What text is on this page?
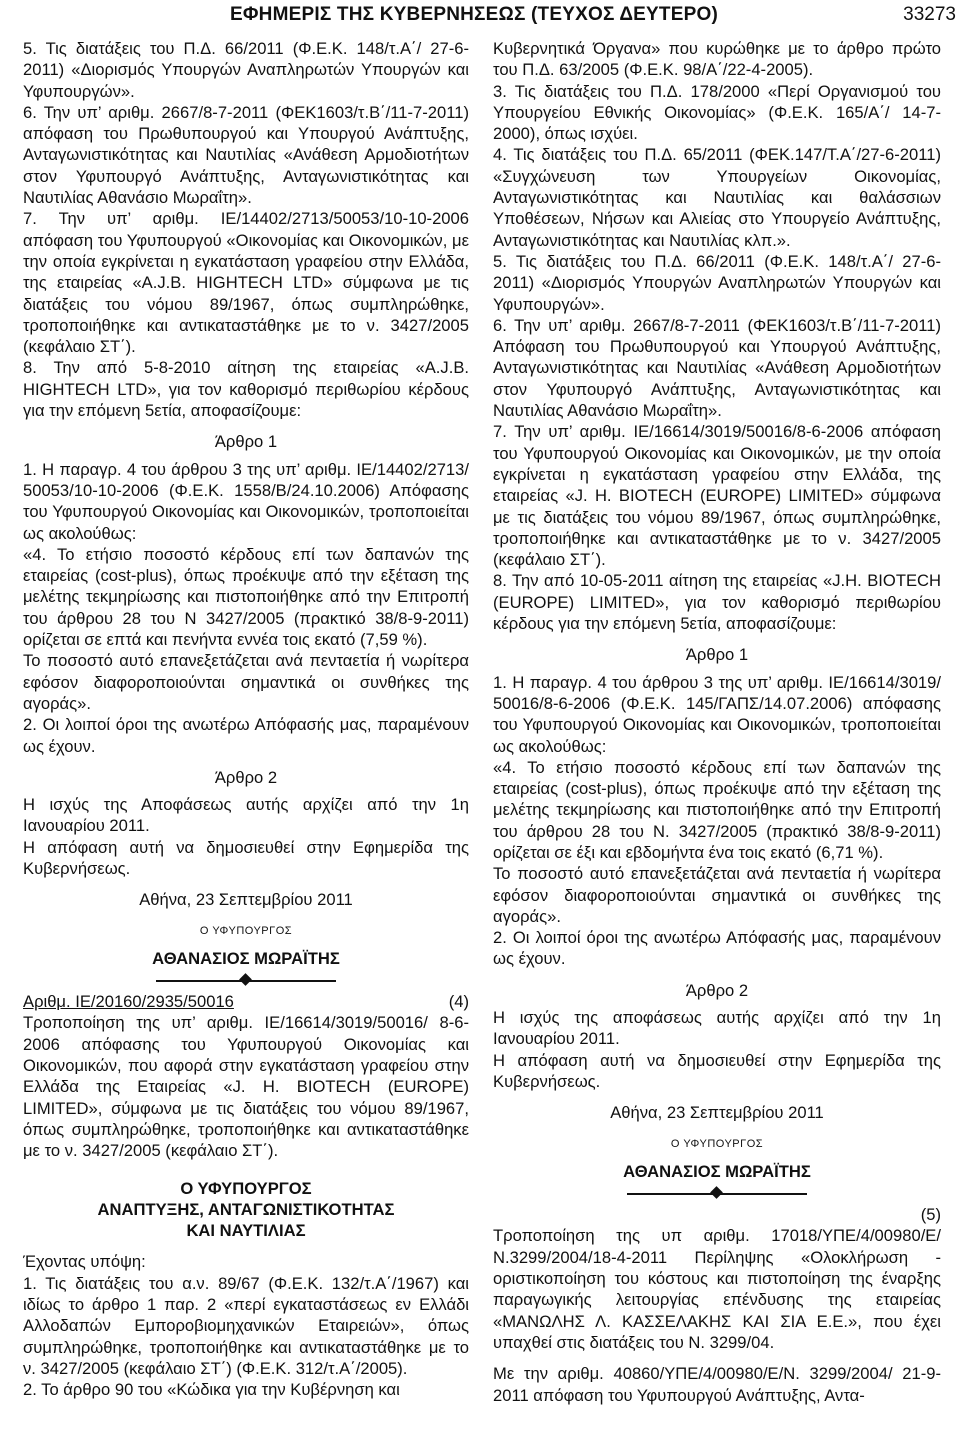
ΕΦΗΜΕΡΙΣ ΤΗΣ ΚΥΒΕΡΝΗΣΕΩΣ (ΤΕΥΧΟΣ ΔΕΥΤΕΡΟ)	33273

5. Τις διατάξεις του Π.Δ. 66/2011 (Φ.Ε.Κ. 148/τ.Α΄/ 27-6-2011) «Διορισμός Υπουργών Αναπληρωτών Υπουργών και Υφυπουργών».

6. Την υπ’ αριθμ. 2667/8-7-2011 (ΦΕΚ1603/τ.Β΄/11-7-2011) απόφαση του Πρωθυπουργού και Υπουργού Ανάπτυξης, Ανταγωνιστικότητας και Ναυτιλίας «Ανάθεση Αρμοδιοτήτων στον Υφυπουργό Ανάπτυξης, Ανταγωνιστικότητας και Ναυτιλίας Αθανάσιο Μωραΐτη».

7. Την υπ’ αριθμ. ΙΕ/14402/2713/50053/10-10-2006 απόφαση του Υφυπουργού «Οικονομίας και Οικονομικών, με την οποία εγκρίνεται η εγκατάσταση γραφείου στην Ελλάδα, της εταιρείας «A.J.B. HIGHTECH LTD» σύμφωνα με τις διατάξεις του νόμου 89/1967, όπως συμπληρώθηκε, τροποποιήθηκε και αντικαταστάθηκε με το ν. 3427/2005 (κεφάλαιο ΣΤ΄).

8. Την από 5-8-2010 αίτηση της εταιρείας «A.J.B. HIGHTECH LTD», για τον καθορισμό περιθωρίου κέρδους για την επόμενη 5ετία, αποφασίζουμε:

Άρθρο 1

1. Η παραγρ. 4 του άρθρου 3 της υπ’ αριθμ. ΙΕ/14402/2713/ 50053/10-10-2006 (Φ.Ε.Κ. 1558/Β/24.10.2006) Απόφασης του Υφυπουργού Οικονομίας και Οικονομικών, τροποποιείται ως ακολούθως:

«4. Το ετήσιο ποσοστό κέρδους επί των δαπανών της εταιρείας (cost-plus), όπως προέκυψε από την εξέταση της μελέτης τεκμηρίωσης και πιστοποιήθηκε από την Επιτροπή του άρθρου 28 του Ν 3427/2005 (πρακτικό 38/8-9-2011) ορίζεται σε επτά και πενήντα εννέα τοις εκατό (7,59 %).

Το ποσοστό αυτό επανεξετάζεται ανά πενταετία ή νωρίτερα εφόσον διαφοροποιούνται σημαντικά οι συνθήκες της αγοράς».

2. Οι λοιποί όροι της ανωτέρω Απόφασής μας, παραμένουν ως έχουν.

Άρθρο 2

Η ισχύς της Αποφάσεως αυτής αρχίζει από την 1η Ιανουαρίου 2011.

Η απόφαση αυτή να δημοσιευθεί στην Εφημερίδα της Κυβερνήσεως.

Αθήνα, 23 Σεπτεμβρίου 2011

Ο ΥΦΥΠΟΥΡΓΟΣ

ΑΘΑΝΑΣΙΟΣ ΜΩΡΑΪΤΗΣ

Αριθμ. ΙΕ/20160/2935/50016	(4)

Τροποποίηση της υπ’ αριθμ. ΙΕ/16614/3019/50016/ 8-6-2006 απόφασης του Υφυπουργού Οικονομίας και Οικονομικών, που αφορά στην εγκατάσταση γραφείου στην Ελλάδα της Εταιρείας «J. H. BIOTECH (EUROPE) LIMITED», σύμφωνα με τις διατάξεις του νόμου 89/1967, όπως συμπληρώθηκε, τροποποιήθηκε και αντικαταστάθηκε με το ν. 3427/2005 (κεφάλαιο ΣΤ΄).

Ο ΥΦΥΠΟΥΡΓΟΣ

ΑΝΑΠΤΥΞΗΣ, ΑΝΤΑΓΩΝΙΣΤΙΚΟΤΗΤΑΣ

ΚΑΙ ΝΑΥΤΙΛΙΑΣ

Έχοντας υπόψη:

1. Τις διατάξεις του α.ν. 89/67 (Φ.Ε.Κ. 132/τ.Α΄/1967) και ιδίως το άρθρο 1 παρ. 2 «περί εγκαταστάσεως εν Ελλάδι Αλλοδαπών Εμποροβιομηχανικών Εταιρειών», όπως συμπληρώθηκε, τροποποιήθηκε και αντικαταστάθηκε με το ν. 3427/2005 (κεφάλαιο ΣΤ΄) (Φ.Ε.Κ. 312/τ.Α΄/2005).

2. Το άρθρο 90 του «Κώδικα για την Κυβέρνηση και

Κυβερνητικά Όργανα» που κυρώθηκε με το άρθρο πρώτο του Π.Δ. 63/2005 (Φ.Ε.Κ. 98/Α΄/22-4-2005).

3. Τις διατάξεις του Π.Δ. 178/2000 «Περί Οργανισμού του Υπουργείου Εθνικής Οικονομίας» (Φ.Ε.Κ. 165/Α΄/ 14-7-2000), όπως ισχύει.

4. Τις διατάξεις του Π.Δ. 65/2011 (ΦΕΚ.147/Τ.Α΄/27-6-2011) «Συγχώνευση των Υπουργείων Οικονομίας, Ανταγωνιστικότητας και Ναυτιλίας και θαλάσσιων Υποθέσεων, Νήσων και Αλιείας στο Υπουργείο Ανάπτυξης, Ανταγωνιστικότητας και Ναυτιλίας κλπ.».

5. Τις διατάξεις του Π.Δ. 66/2011 (Φ.Ε.Κ. 148/τ.Α΄/ 27-6-2011) «Διορισμός Υπουργών Αναπληρωτών Υπουργών και Υφυπουργών».

6. Την υπ’ αριθμ. 2667/8-7-2011 (ΦΕΚ1603/τ.Β΄/11-7-2011) Απόφαση του Πρωθυπουργού και Υπουργού Ανάπτυξης, Ανταγωνιστικότητας και Ναυτιλίας «Ανάθεση Αρμοδιοτήτων στον Υφυπουργό Ανάπτυξης, Ανταγωνιστικότητας και Ναυτιλίας Αθανάσιο Μωραΐτη».

7. Την υπ’ αριθμ. ΙΕ/16614/3019/50016/8-6-2006 απόφαση του Υφυπουργού Οικονομίας και Οικονομικών, με την οποία εγκρίνεται η εγκατάσταση γραφείου στην Ελλάδα, της εταιρείας «J. H. BIOTECH (EUROPE) LIMITED» σύμφωνα με τις διατάξεις του νόμου 89/1967, όπως συμπληρώθηκε, τροποποιήθηκε και αντικαταστάθηκε με το ν. 3427/2005 (κεφάλαιο ΣΤ΄).

8. Την από 10-05-2011 αίτηση της εταιρείας «J.H. BIOTECH (EUROPE) LIMITED», για τον καθορισμό περιθωρίου κέρδους για την επόμενη 5ετία, αποφασίζουμε:

Άρθρο 1

1. Η παραγρ. 4 του άρθρου 3 της υπ’ αριθμ. ΙΕ/16614/3019/ 50016/8-6-2006 (Φ.Ε.Κ. 145/ΓΑΠΣ/14.07.2006) απόφασης του Υφυπουργού Οικονομίας και Οικονομικών, τροποποιείται ως ακολούθως:

«4. Το ετήσιο ποσοστό κέρδους επί των δαπανών της εταιρείας (cost-plus), όπως προέκυψε από την εξέταση της μελέτης τεκμηρίωσης και πιστοποιήθηκε από την Επιτροπή του άρθρου 28 του Ν. 3427/2005 (πρακτικό 38/8-9-2011) ορίζεται σε έξι και εβδομήντα ένα τοις εκατό (6,71 %).

Το ποσοστό αυτό επανεξετάζεται ανά πενταετία ή νωρίτερα εφόσον διαφοροποιούνται σημαντικά οι συνθήκες της αγοράς».

2. Οι λοιποί όροι της ανωτέρω Απόφασής μας, παραμένουν ως έχουν.

Άρθρο 2

Η ισχύς της αποφάσεως αυτής αρχίζει από την 1η Ιανουαρίου 2011.

Η απόφαση αυτή να δημοσιευθεί στην Εφημερίδα της Κυβερνήσεως.

Αθήνα, 23 Σεπτεμβρίου 2011

Ο ΥΦΥΠΟΥΡΓΟΣ

ΑΘΑΝΑΣΙΟΣ ΜΩΡΑΪΤΗΣ

(5)

Τροποποίηση της υπ αριθμ. 17018/ΥΠΕ/4/00980/Ε/ Ν.3299/2004/18-4-2011 Περίληψης «Ολοκλήρωση - οριστικοποίηση του κόστους και πιστοποίηση της έναρξης παραγωγικής λειτουργίας επένδυσης της εταιρείας «ΜΑΝΩΛΗΣ Λ. ΚΑΣΣΕΛΑΚΗΣ ΚΑΙ ΣΙΑ Ε.Ε.», που έχει υπαχθεί στις διατάξεις του Ν. 3299/04.

Με την αριθμ. 40860/ΥΠΕ/4/00980/Ε/Ν. 3299/2004/ 21-9-2011 απόφαση του Υφυπουργού Ανάπτυξης, Αντα-
